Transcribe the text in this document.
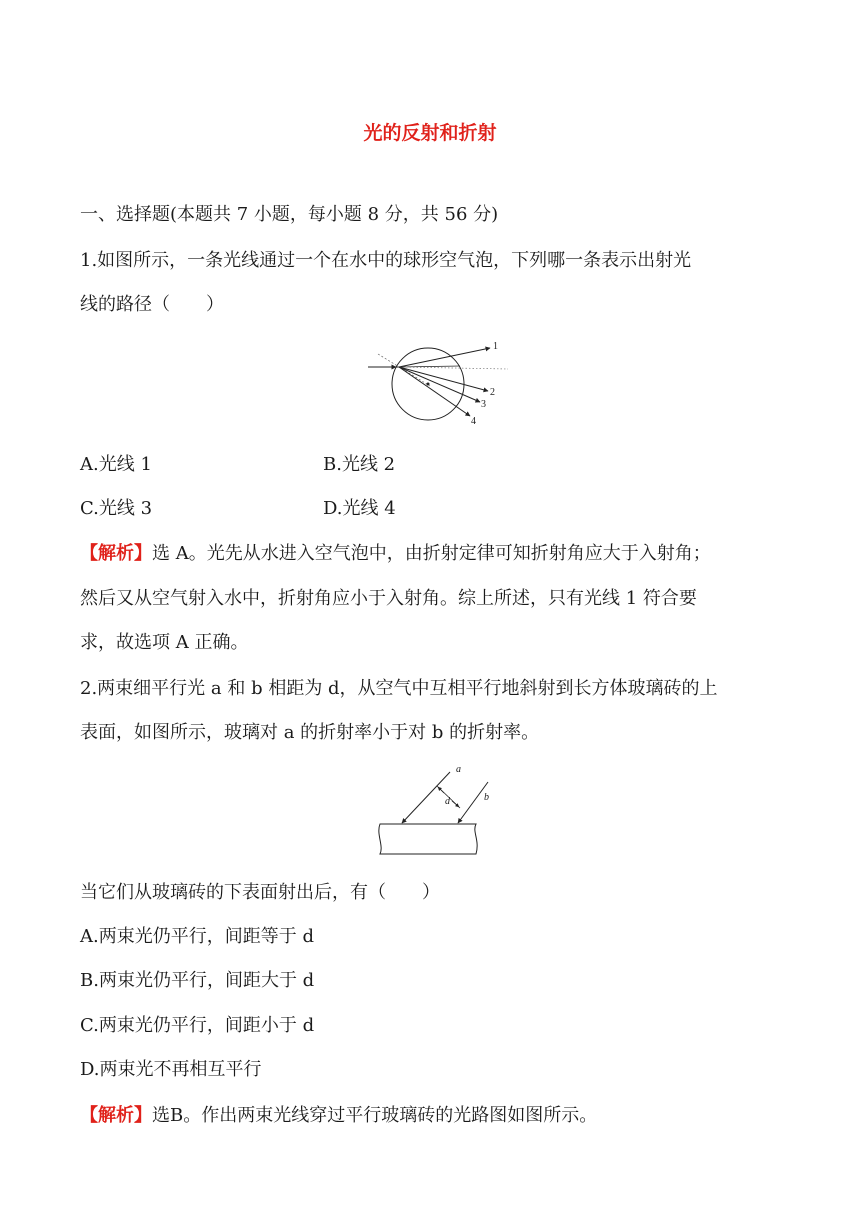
光的反射和折射
一、选择题(本题共 7 小题，每小题 8 分，共 56 分)
1.如图所示，一条光线通过一个在水中的球形空气泡，下列哪一条表示出射光
线的路径（　　）
1
2
3
4
A.光线 1	B.光线 2
C.光线 3	D.光线 4
【解析】选 A。光先从水进入空气泡中，由折射定律可知折射角应大于入射角；
然后又从空气射入水中，折射角应小于入射角。综上所述，只有光线 1 符合要
求，故选项 A 正确。
2.两束细平行光 a 和 b 相距为 d，从空气中互相平行地斜射到长方体玻璃砖的上
表面，如图所示，玻璃对 a 的折射率小于对 b 的折射率。
a
b
d
当它们从玻璃砖的下表面射出后，有（　　）
A.两束光仍平行，间距等于 d
B.两束光仍平行，间距大于 d
C.两束光仍平行，间距小于 d
D.两束光不再相互平行
【解析】选B。作出两束光线穿过平行玻璃砖的光路图如图所示。
